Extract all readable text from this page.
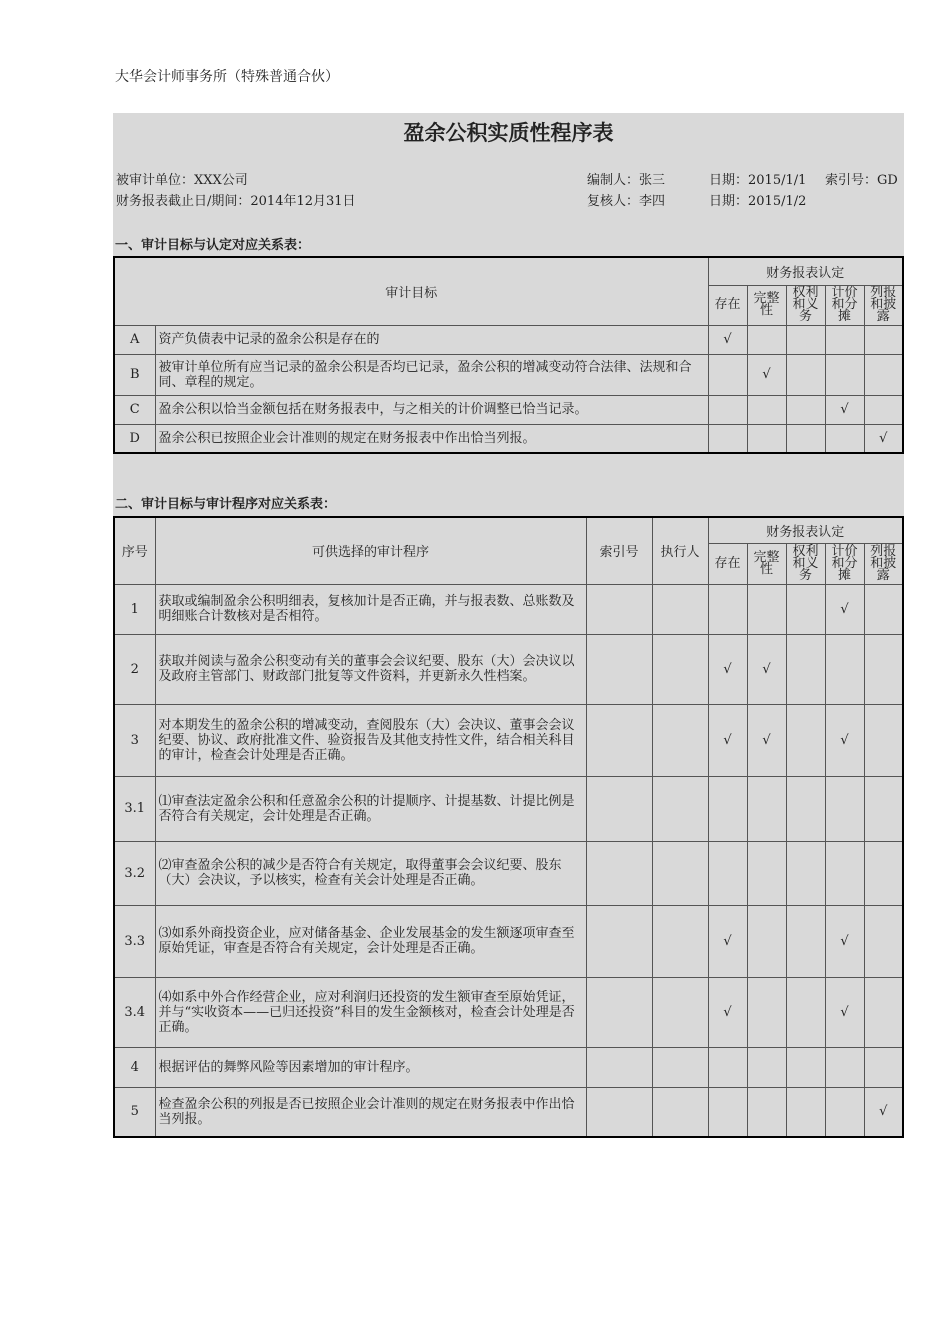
大华会计师事务所（特殊普通合伙）
盈余公积实质性程序表
被审计单位：XXX公司
财务报表截止日/期间：2014年12月31日
编制人：张三	日期：2015/1/1 索引号：GD
复核人：李四	日期：2015/1/2
一、审计目标与认定对应关系表：
审计目标		财务报表认定				
		存在	完整性	权利和义务	计价和分摊	列报和披露
A	资产负债表中记录的盈余公积是存在的	√				
B	被审计单位所有应当记录的盈余公积是否均已记录，盈余公积的增减变动符合法律、法规和合同、章程的规定。		√			
C	盈余公积以恰当金额包括在财务报表中，与之相关的计价调整已恰当记录。				√	
D	盈余公积已按照企业会计准则的规定在财务报表中作出恰当列报。					√
二、审计目标与审计程序对应关系表：
序号	可供选择的审计程序	索引号	执行人	财务报表认定				
				存在	完整性	权利和义务	计价和分摊	列报和披露
1	获取或编制盈余公积明细表，复核加计是否正确，并与报表数、总账数及明细账合计数核对是否相符。						√	
2	获取并阅读与盈余公积变动有关的董事会会议纪要、股东（大）会决议以及政府主管部门、财政部门批复等文件资料，并更新永久性档案。			√	√			
3	对本期发生的盈余公积的增减变动，查阅股东（大）会决议、董事会会议纪要、协议、政府批准文件、验资报告及其他支持性文件，结合相关科目的审计，检查会计处理是否正确。			√	√		√	
3.1	⑴审查法定盈余公积和任意盈余公积的计提顺序、计提基数、计提比例是否符合有关规定，会计处理是否正确。							
3.2	⑵审查盈余公积的减少是否符合有关规定，取得董事会会议纪要、股东（大）会决议，予以核实，检查有关会计处理是否正确。							
3.3	⑶如系外商投资企业，应对储备基金、企业发展基金的发生额逐项审查至原始凭证，审查是否符合有关规定，会计处理是否正确。			√			√	
3.4	⑷如系中外合作经营企业，应对利润归还投资的发生额审查至原始凭证，并与“实收资本——已归还投资”科目的发生金额核对，检查会计处理是否正确。			√			√	
4	根据评估的舞弊风险等因素增加的审计程序。							
5	检查盈余公积的列报是否已按照企业会计准则的规定在财务报表中作出恰当列报。							√
